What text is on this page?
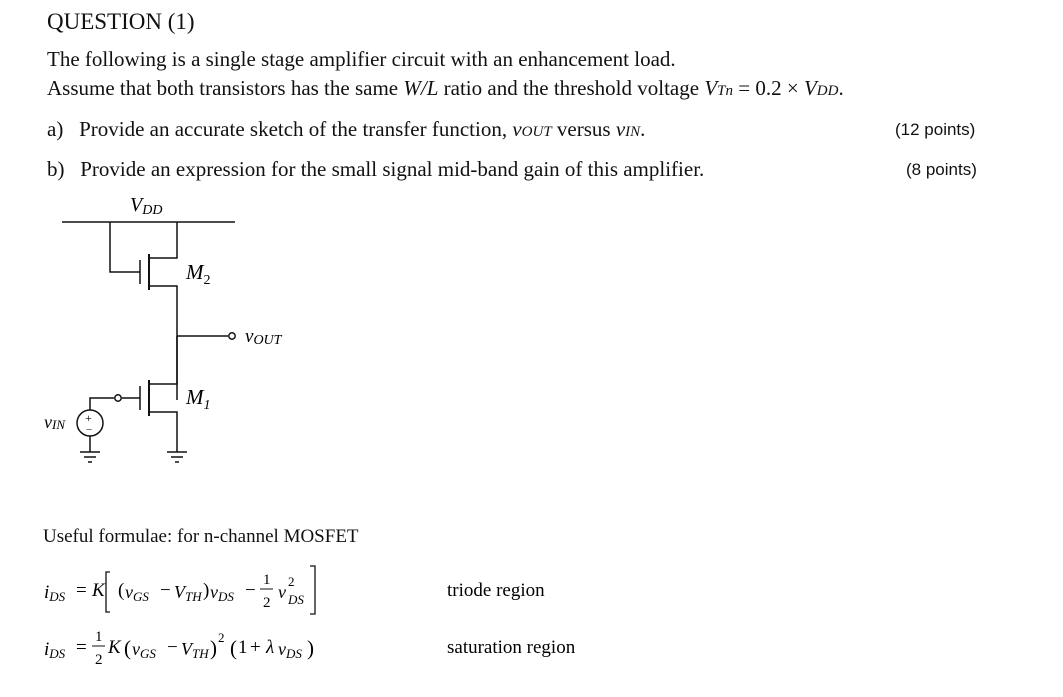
QUESTION (1)
The following is a single stage amplifier circuit with an enhancement load.
Assume that both transistors has the same W/L ratio and the threshold voltage VTn = 0.2 × VDD.
a) Provide an accurate sketch of the transfer function, vOUT versus vIN.	(12 points)
b) Provide an expression for the small signal mid-band gain of this amplifier.	(8 points)
+
−
VDD
$M_2$
vOUT
$M_1$
vIN
iDS = K ( vGS − VTH ) vDS − 1
2
v
2
DS	triode region
iDS = 1
2
K ( vGS − VTH ) 2 ( 1 + λ vDS )	saturation region
Useful formulae: for n-channel MOSFET
